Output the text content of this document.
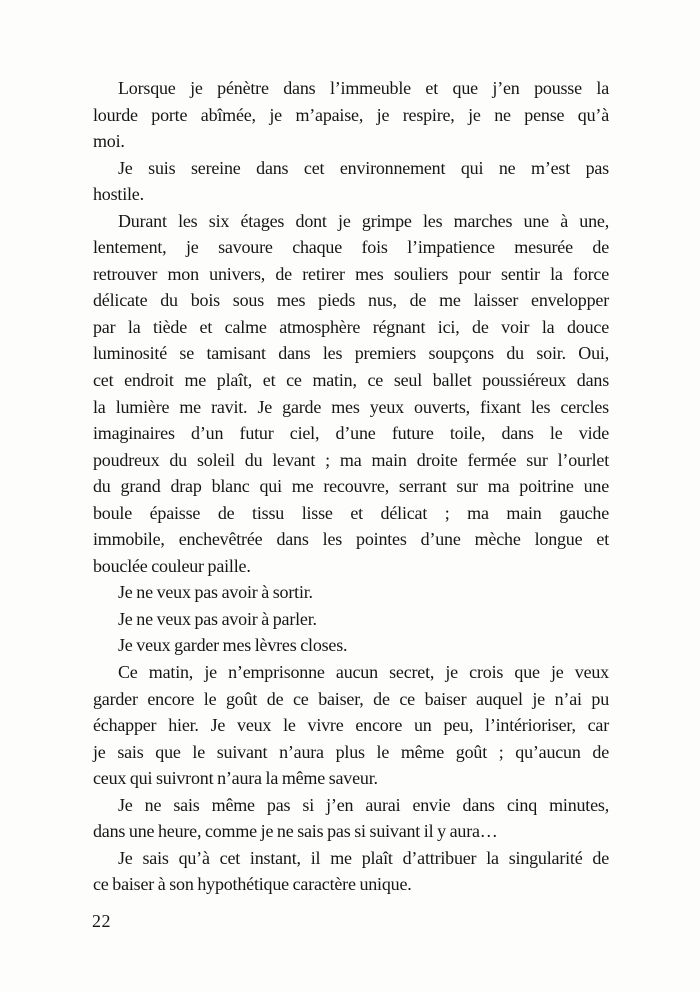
Lorsque je pénètre dans l’immeuble et que j’en pousse la
lourde porte abîmée, je m’apaise, je respire, je ne pense qu’à
moi.
Je suis sereine dans cet environnement qui ne m’est pas
hostile.
Durant les six étages dont je grimpe les marches une à une,
lentement, je savoure chaque fois l’impatience mesurée de
retrouver mon univers, de retirer mes souliers pour sentir la force
délicate du bois sous mes pieds nus, de me laisser envelopper
par la tiède et calme atmosphère régnant ici, de voir la douce
luminosité se tamisant dans les premiers soupçons du soir. Oui,
cet endroit me plaît, et ce matin, ce seul ballet poussiéreux dans
la lumière me ravit. Je garde mes yeux ouverts, fixant les cercles
imaginaires d’un futur ciel, d’une future toile, dans le vide
poudreux du soleil du levant ; ma main droite fermée sur l’ourlet
du grand drap blanc qui me recouvre, serrant sur ma poitrine une
boule épaisse de tissu lisse et délicat ; ma main gauche
immobile, enchevêtrée dans les pointes d’une mèche longue et
bouclée couleur paille.
Je ne veux pas avoir à sortir.
Je ne veux pas avoir à parler.
Je veux garder mes lèvres closes.
Ce matin, je n’emprisonne aucun secret, je crois que je veux
garder encore le goût de ce baiser, de ce baiser auquel je n’ai pu
échapper hier. Je veux le vivre encore un peu, l’intérioriser, car
je sais que le suivant n’aura plus le même goût ; qu’aucun de
ceux qui suivront n’aura la même saveur.
Je ne sais même pas si j’en aurai envie dans cinq minutes,
dans une heure, comme je ne sais pas si suivant il y aura…
Je sais qu’à cet instant, il me plaît d’attribuer la singularité de
ce baiser à son hypothétique caractère unique.
22
